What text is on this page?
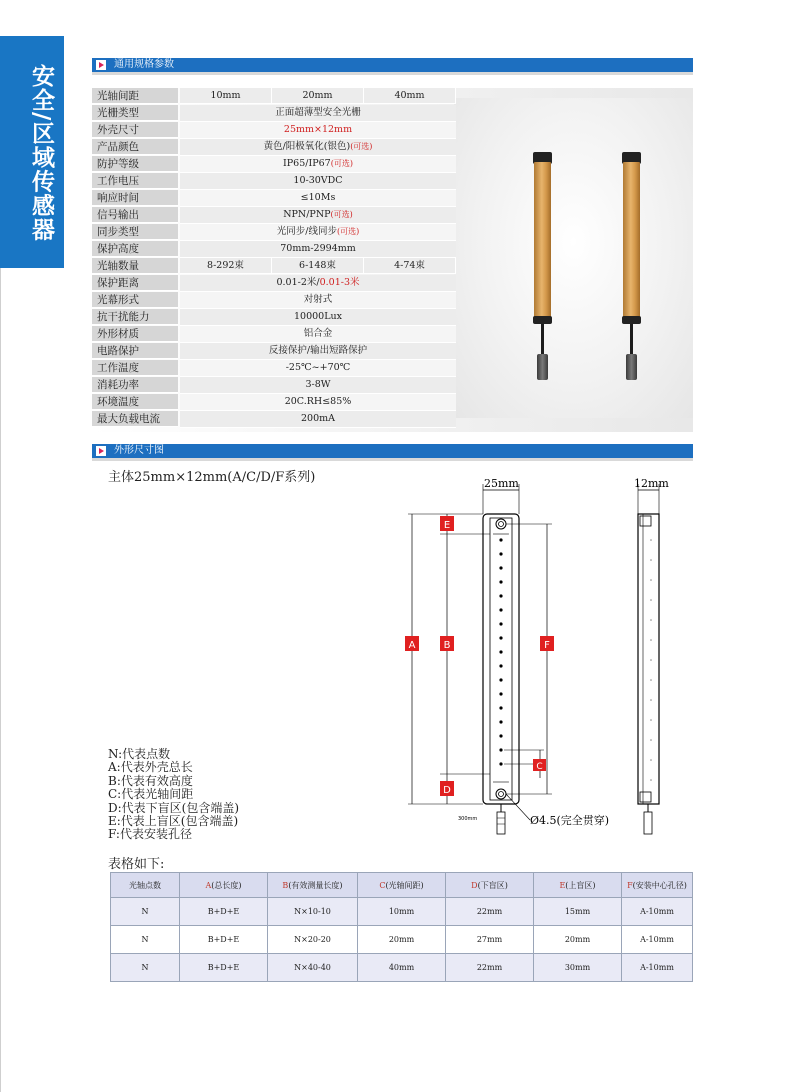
安全/区域传感器	通用规格参数
光轴间距	10mm	20mm	40mm
光栅类型	正面超薄型安全光栅
外壳尺寸	25mm×12mm
产品颜色	黄色/阳极氧化(银色)(可选)
防护等级	IP65/IP67(可选)
工作电压	10-30VDC
响应时间	≤10Ms
信号输出	NPN/PNP(可选)
同步类型	光同步/线同步(可选)
保护高度	70mm-2994mm
光轴数量	8-292束	6-148束	4-74束
保护距离	0.01-2米/0.01-3米
光幕形式	对射式
抗干扰能力	10000Lux
外形材质	铝合金
电路保护	反接保护/输出短路保护
工作温度	-25℃~+70℃
消耗功率	3-8W
环境温度	20C.RH≤85%
最大负载电流	200mA
外形尺寸图
主体25mm×12mm(A/C/D/F系列)	25mm
E
A	B	F
C
D
300mm	Ø4.5(完全贯穿)
12mm
N:代表点数
A:代表外壳总长
B:代表有效高度
C:代表光轴间距
D:代表下盲区(包含端盖)
E:代表上盲区(包含端盖)
F:代表安装孔径
表格如下:
光轴点数	A(总长度)	B(有效测量长度)	C(光轴间距)	D(下盲区)	E(上盲区)	F(安装中心孔径)
N	B+D+E	N×10-10	10mm	22mm	15mm	A-10mm
N	B+D+E	N×20-20	20mm	27mm	20mm	A-10mm
N	B+D+E	N×40-40	40mm	22mm	30mm	A-10mm
